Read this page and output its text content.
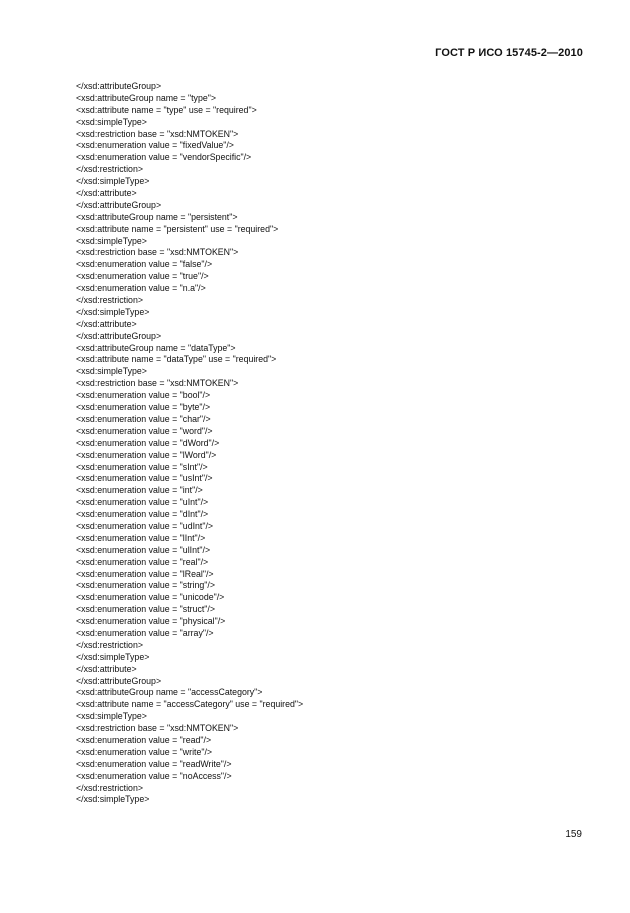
ГОСТ Р ИСО 15745-2—2010
</xsd:attributeGroup>
<xsd:attributeGroup name = "type">
<xsd:attribute name = "type" use = "required">
<xsd:simpleType>
<xsd:restriction base = "xsd:NMTOKEN">
<xsd:enumeration value = "fixedValue"/>
<xsd:enumeration value = "vendorSpecific"/>
</xsd:restriction>
</xsd:simpleType>
</xsd:attribute>
</xsd:attributeGroup>
<xsd:attributeGroup name = "persistent">
<xsd:attribute name = "persistent" use = "required">
<xsd:simpleType>
<xsd:restriction base = "xsd:NMTOKEN">
<xsd:enumeration value = "false"/>
<xsd:enumeration value = "true"/>
<xsd:enumeration value = "n.a"/>
</xsd:restriction>
</xsd:simpleType>
</xsd:attribute>
</xsd:attributeGroup>
<xsd:attributeGroup name = "dataType">
<xsd:attribute name = "dataType" use = "required">
<xsd:simpleType>
<xsd:restriction base = "xsd:NMTOKEN">
<xsd:enumeration value = "bool"/>
<xsd:enumeration value = "byte"/>
<xsd:enumeration value = "char"/>
<xsd:enumeration value = "word"/>
<xsd:enumeration value = "dWord"/>
<xsd:enumeration value = "lWord"/>
<xsd:enumeration value = "sInt"/>
<xsd:enumeration value = "usInt"/>
<xsd:enumeration value = "int"/>
<xsd:enumeration value = "uInt"/>
<xsd:enumeration value = "dInt"/>
<xsd:enumeration value = "udInt"/>
<xsd:enumeration value = "lInt"/>
<xsd:enumeration value = "ulInt"/>
<xsd:enumeration value = "real"/>
<xsd:enumeration value = "lReal"/>
<xsd:enumeration value = "string"/>
<xsd:enumeration value = "unicode"/>
<xsd:enumeration value = "struct"/>
<xsd:enumeration value = "physical"/>
<xsd:enumeration value = "array"/>
</xsd:restriction>
</xsd:simpleType>
</xsd:attribute>
</xsd:attributeGroup>
<xsd:attributeGroup name = "accessCategory">
<xsd:attribute name = "accessCategory" use = "required">
<xsd:simpleType>
<xsd:restriction base = "xsd:NMTOKEN">
<xsd:enumeration value = "read"/>
<xsd:enumeration value = "write"/>
<xsd:enumeration value = "readWrite"/>
<xsd:enumeration value = "noAccess"/>
</xsd:restriction>
</xsd:simpleType>
159
